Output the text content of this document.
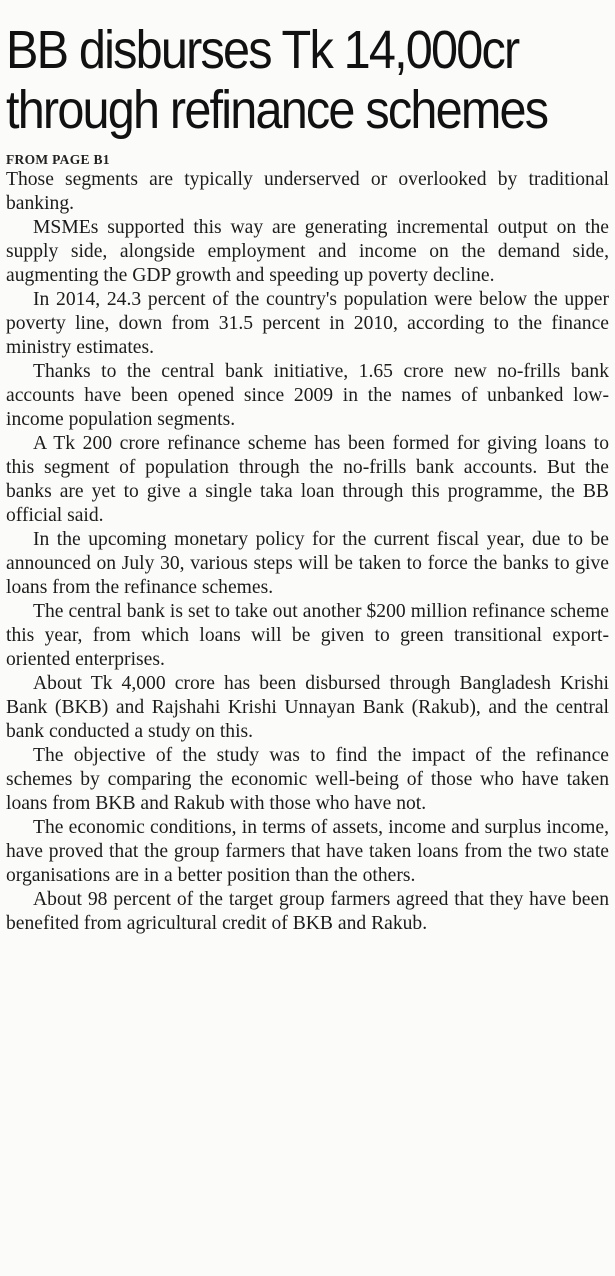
BB disburses Tk 14,000cr
through refinance schemes
FROM PAGE B1

Those segments are typically underserved or overlooked by traditional banking.

MSMEs supported this way are generating incremental output on the supply side, alongside employment and income on the demand side, augmenting the GDP growth and speeding up poverty decline.

In 2014, 24.3 percent of the country's population were below the upper poverty line, down from 31.5 percent in 2010, according to the finance ministry estimates.

Thanks to the central bank initiative, 1.65 crore new no-frills bank accounts have been opened since 2009 in the names of unbanked low-income population segments.

A Tk 200 crore refinance scheme has been formed for giving loans to this segment of population through the no-frills bank accounts. But the banks are yet to give a single taka loan through this programme, the BB official said.

In the upcoming monetary policy for the current fiscal year, due to be announced on July 30, various steps will be taken to force the banks to give loans from the refinance schemes.

The central bank is set to take out another $200 million refinance scheme this year, from which loans will be given to green transitional export-oriented enterprises.

About Tk 4,000 crore has been disbursed through Bangladesh Krishi Bank (BKB) and Rajshahi Krishi Unnayan Bank (Rakub), and the central bank conducted a study on this.

The objective of the study was to find the impact of the refinance schemes by comparing the economic well-being of those who have taken loans from BKB and Rakub with those who have not.

The economic conditions, in terms of assets, income and surplus income, have proved that the group farmers that have taken loans from the two state organisations are in a better position than the others.

About 98 percent of the target group farmers agreed that they have been benefited from agricultural credit of BKB and Rakub.
